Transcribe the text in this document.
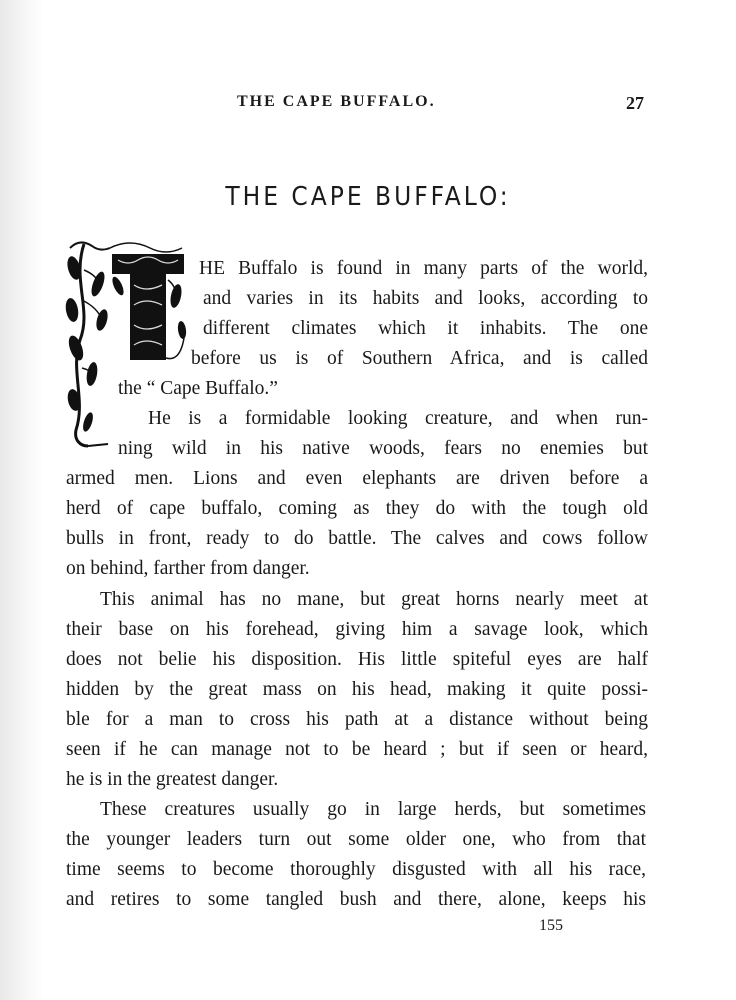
THE CAPE BUFFALO.	27
THE CAPE BUFFALO:
HE Buffalo is found in many parts of the world,
and varies in its habits and looks, according to
different climates which it inhabits. The one
before us is of Southern Africa, and is called
the “ Cape Buffalo.”
He is a formidable looking creature, and when run-
ning wild in his native woods, fears no enemies but
armed men. Lions and even elephants are driven before a
herd of cape buffalo, coming as they do with the tough old
bulls in front, ready to do battle. The calves and cows follow
on behind, farther from danger.
This animal has no mane, but great horns nearly meet at
their base on his forehead, giving him a savage look, which
does not belie his disposition. His little spiteful eyes are half
hidden by the great mass on his head, making it quite possi-
ble for a man to cross his path at a distance without being
seen if he can manage not to be heard ; but if seen or heard,
he is in the greatest danger.
These creatures usually go in large herds, but sometimes
the younger leaders turn out some older one, who from that
time seems to become thoroughly disgusted with all his race,
and retires to some tangled bush and there, alone, keeps his
155
